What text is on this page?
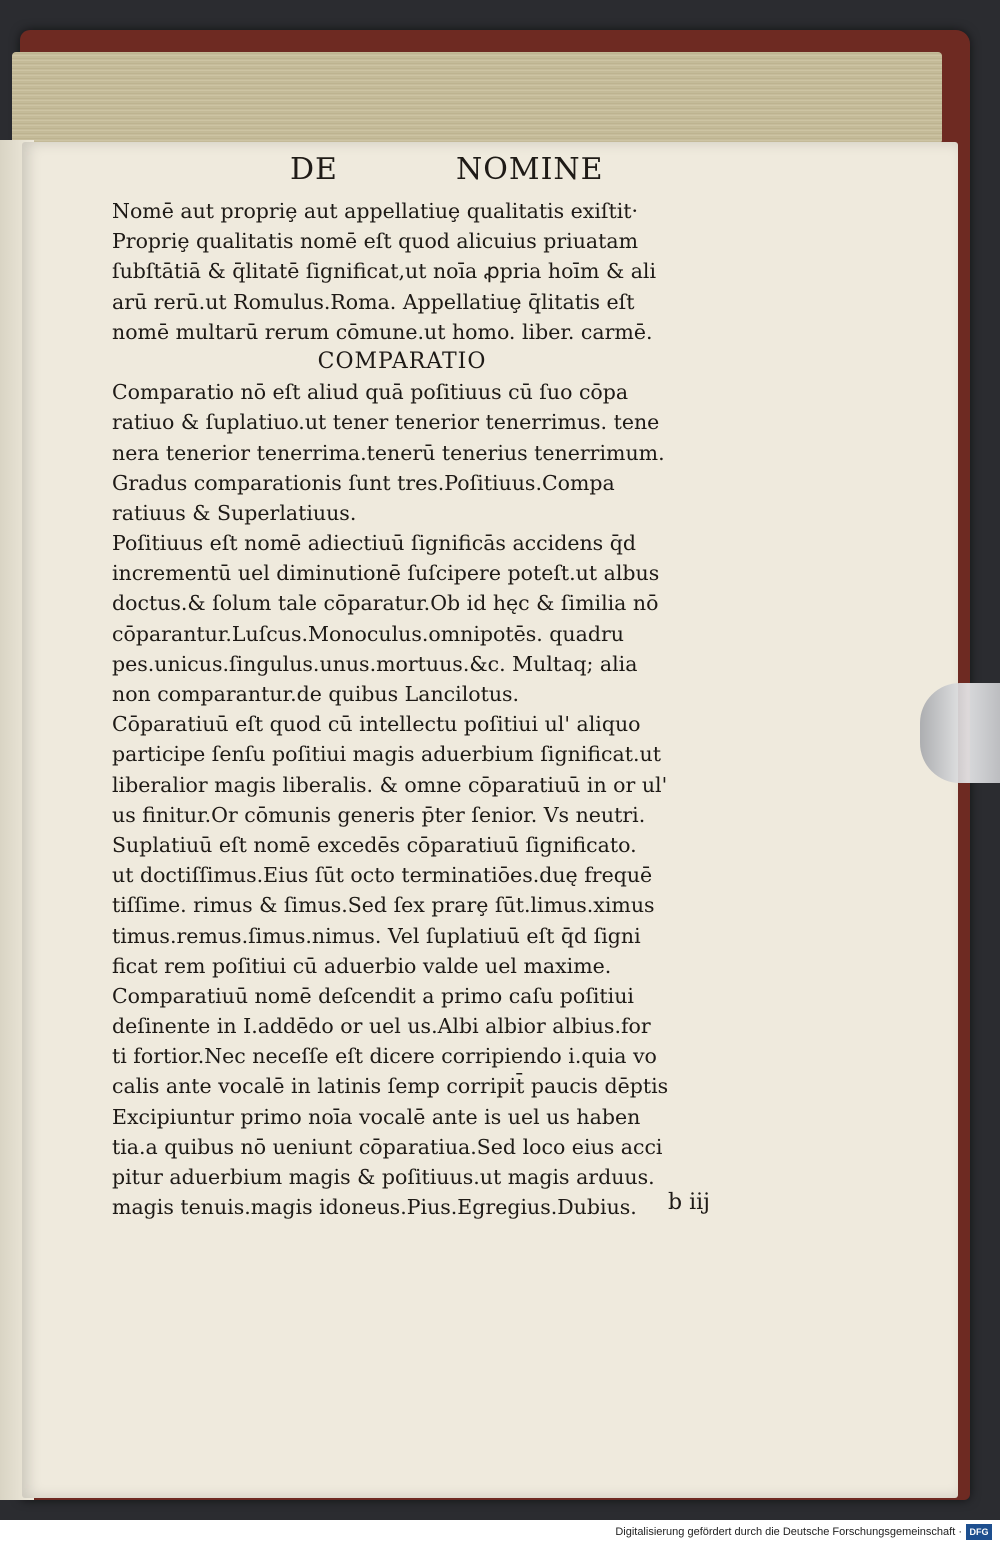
DE	NOMINE
Nomē aut propriȩ aut appellatiuȩ qualitatis exiſtit·
Propriȩ qualitatis nomē eſt quod alicuius priuatam
ſubſtātiā & q̄litatē ſignificat,ut noīa ꝓpria hoīm & ali
arū rerū.ut Romulus.Roma. Appellatiuȩ q̄litatis eſt
nomē multarū rerum cōmune.ut homo. liber. carmē.
COMPARATIO
Comparatio nō eſt aliud quā poſitiuus cū ſuo cōpa
ratiuo & ſuplatiuo.ut tener tenerior tenerrimus. tene
nera tenerior tenerrima.tenerū tenerius tenerrimum.
Gradus comparationis ſunt tres.Poſitiuus.Compa
ratiuus & Superlatiuus.
Poſitiuus eſt nomē adiectiuū ſignificās accidens q̄d
incrementū uel diminutionē ſuſcipere poteſt.ut albus
doctus.& ſolum tale cōparatur.Ob id hęc & ſimilia nō
cōparantur.Luſcus.Monoculus.omnipotēs. quadru
pes.unicus.ſingulus.unus.mortuus.&c. Multaq; alia
non comparantur.de quibus Lancilotus.
Cōparatiuū eſt quod cū intellectu poſitiui ul' aliquo
participe ſenſu poſitiui magis aduerbium ſignificat.ut
liberalior magis liberalis. & omne cōparatiuū in or ul'
us finitur.Or cōmunis generis p̄ter ſenior. Vs neutri.
Suplatiuū eſt nomē excedēs cōparatiuū ſignificato.
ut doctiſſimus.Eius ſūt octo terminatiōes.duę frequē
tiſſime. rimus & ſimus.Sed ſex prarȩ ſūt.limus.ximus
timus.remus.ſimus.nimus. Vel ſuplatiuū eſt q̄d ſigni
ficat rem poſitiui cū aduerbio valde uel maxime.
Comparatiuū nomē deſcendit a primo caſu poſitiui
deſinente in I.addēdo or uel us.Albi albior albius.for
ti fortior.Nec neceſſe eſt dicere corripiendo i.quia vo
calis ante vocalē in latinis ſemp corripit̄ paucis dēptis
Excipiuntur primo noīa vocalē ante is uel us haben
tia.a quibus nō ueniunt cōparatiua.Sed loco eius acci
pitur aduerbium magis & poſitiuus.ut magis arduus.
magis tenuis.magis idoneus.Pius.Egregius.Dubius.	b iij
Digitalisierung gefördert durch die Deutsche Forschungsgemeinschaft · DFG
